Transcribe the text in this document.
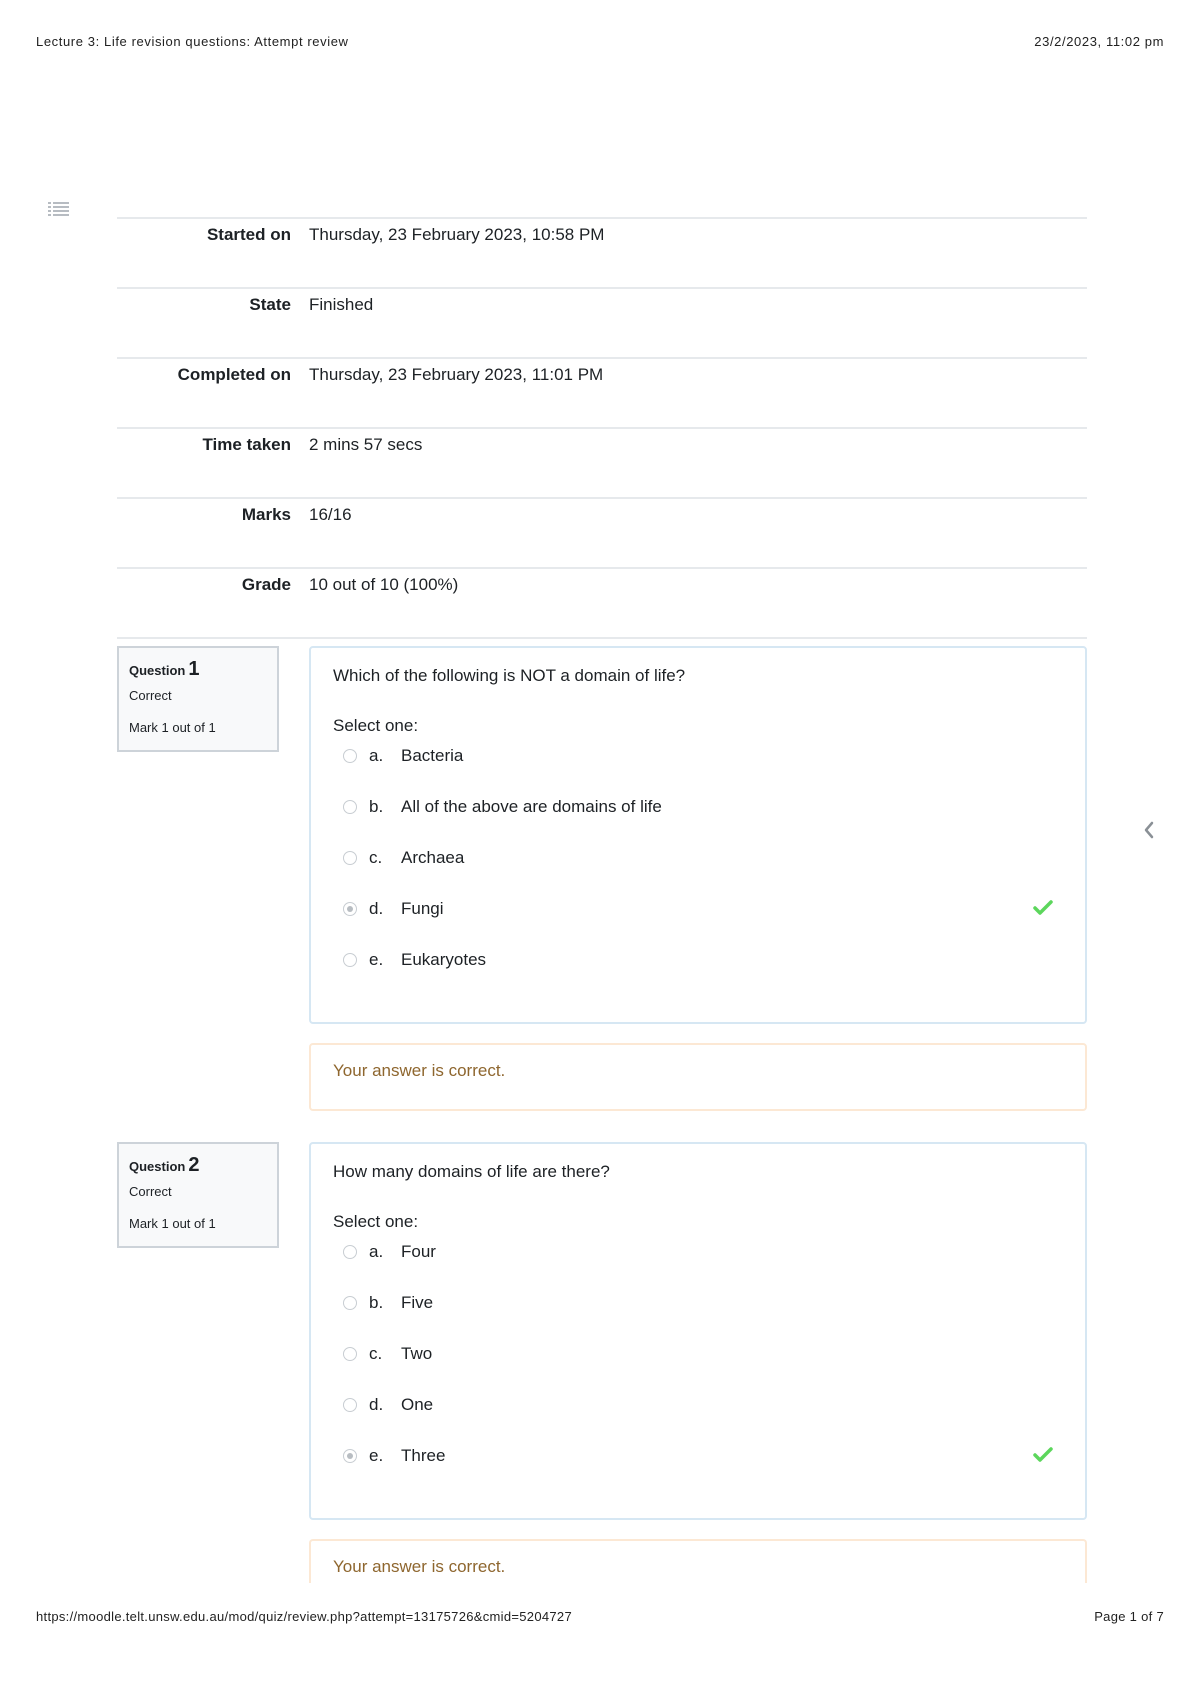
Lecture 3: Life revision questions: Attempt review	23/2/2023, 11:02 pm
Started on	Thursday, 23 February 2023, 10:58 PM
State	Finished
Completed on	Thursday, 23 February 2023, 11:01 PM
Time taken	2 mins 57 secs
Marks	16/16
Grade	10 out of 10 (100%)
Question 1
Correct
Mark 1 out of 1
Which of the following is NOT a domain of life?
Select one:
a.	Bacteria
b.	All of the above are domains of life
c.	Archaea
d.	Fungi
e.	Eukaryotes
Your answer is correct.
Question 2
Correct
Mark 1 out of 1
How many domains of life are there?
Select one:
a.	Four
b.	Five
c.	Two
d.	One
e.	Three
Your answer is correct.
https://moodle.telt.unsw.edu.au/mod/quiz/review.php?attempt=13175726&cmid=5204727	Page 1 of 7
